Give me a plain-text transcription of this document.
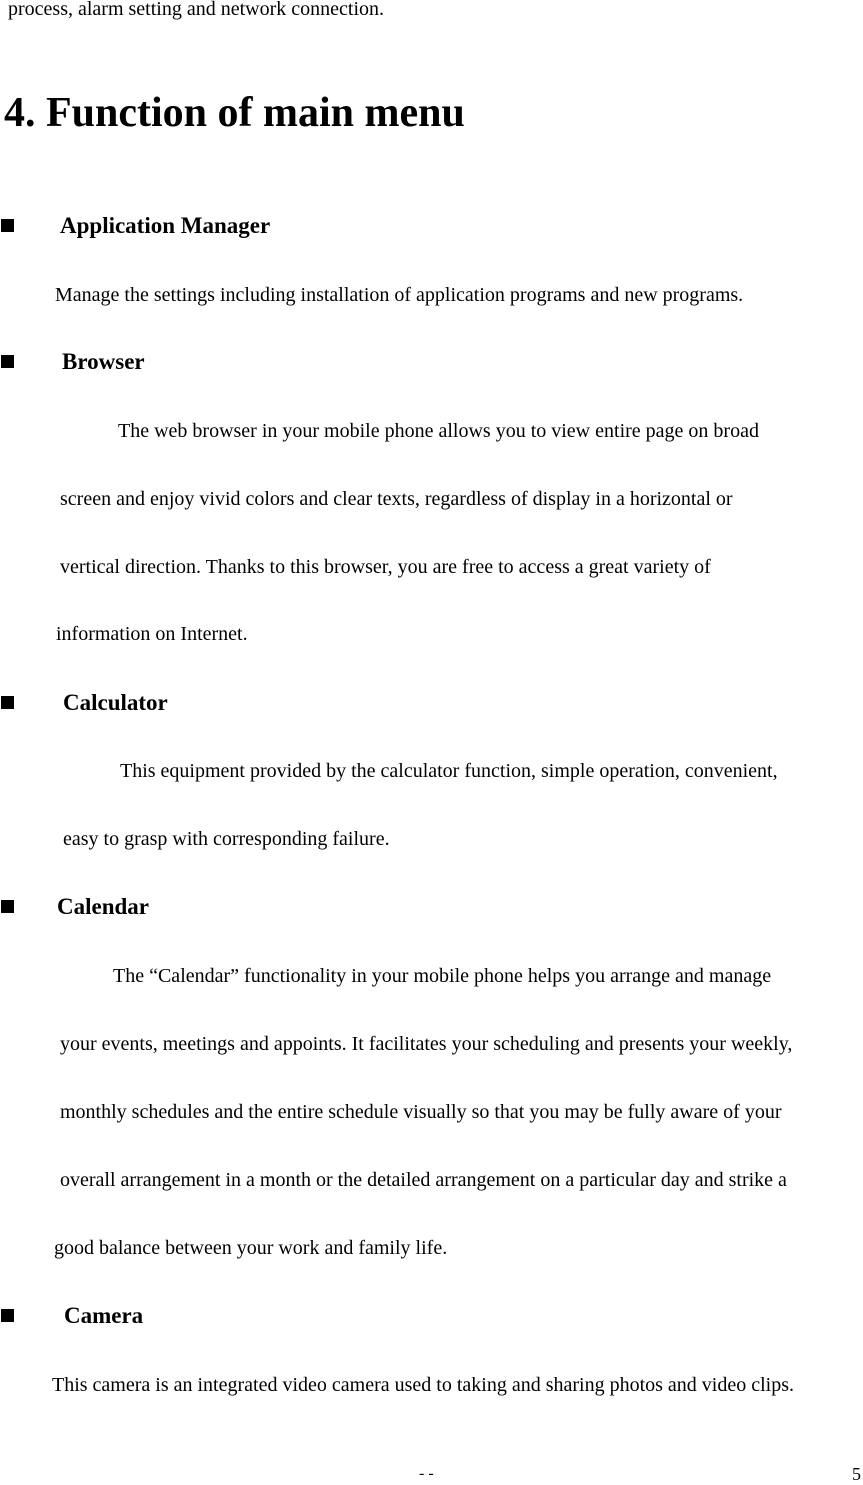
process, alarm setting and network connection.
4. Function of main menu
Application Manager
Manage the settings including installation of application programs and new programs.
Browser
The web browser in your mobile phone allows you to view entire page on broad
screen and enjoy vivid colors and clear texts, regardless of display in a horizontal or
vertical direction. Thanks to this browser, you are free to access a great variety of
information on Internet.
Calculator
This equipment provided by the calculator function, simple operation, convenient,
easy to grasp with corresponding failure.
Calendar
The “Calendar” functionality in your mobile phone helps you arrange and manage
your events, meetings and appoints. It facilitates your scheduling and presents your weekly,
monthly schedules and the entire schedule visually so that you may be fully aware of your
overall arrangement in a month or the detailed arrangement on a particular day and strike a
good balance between your work and family life.
Camera
This camera is an integrated video camera used to taking and sharing photos and video clips.
- -	5
